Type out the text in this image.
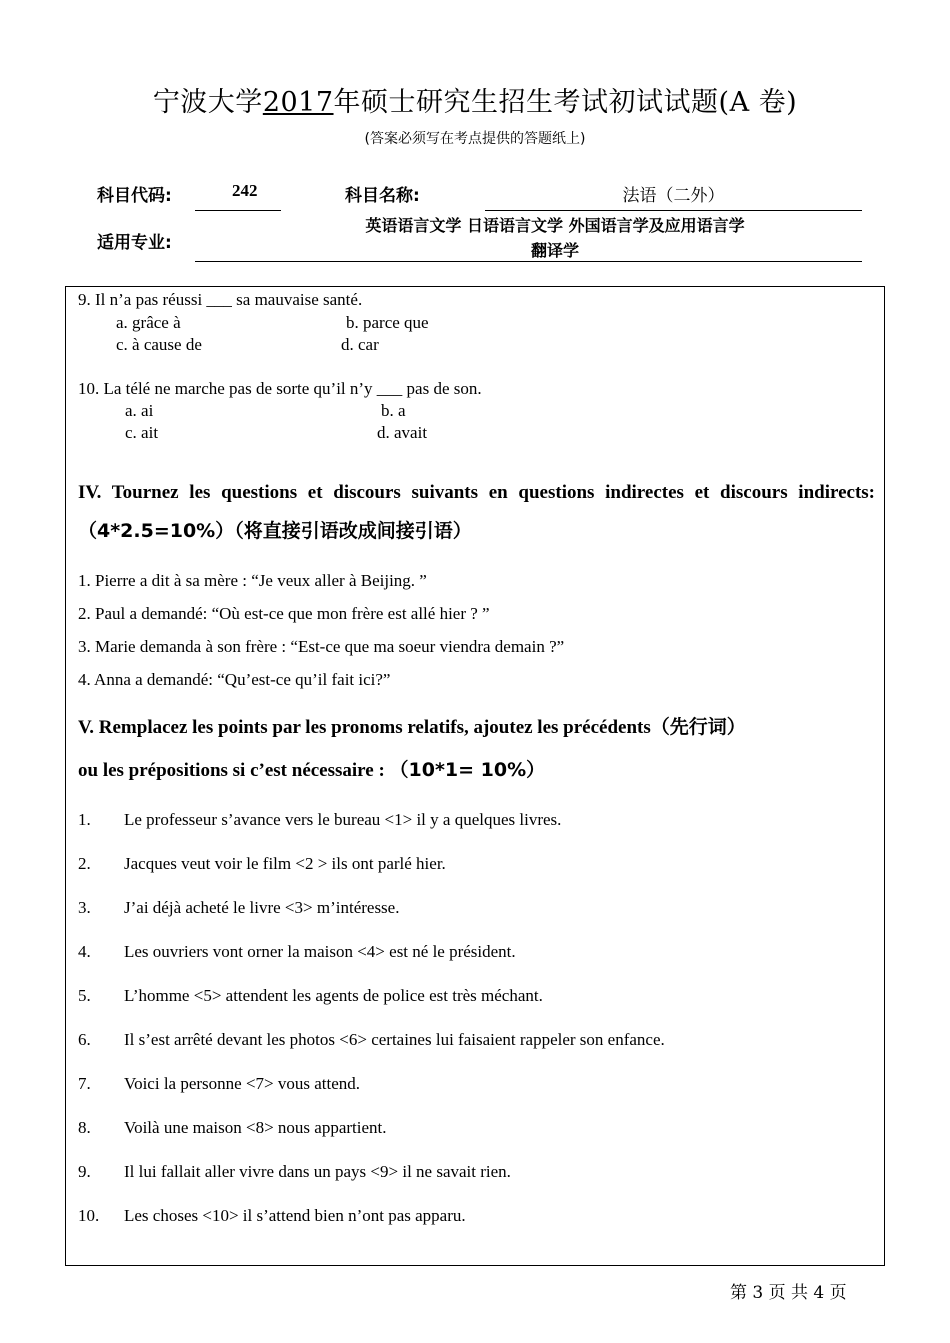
宁波大学2017年硕士研究生招生考试初试试题(A 卷)
(答案必须写在考点提供的答题纸上)
科目代码:	242	科目名称:	法语（二外）
适用专业:
英语语言文学 日语语言文学 外国语言学及应用语言学
翻译学
9. Il n’a pas réussi ___ sa mauvaise santé.
a. grâce à	b. parce que
c. à cause de	d. car
10. La télé ne marche pas de sorte qu’il n’y ___ pas de son.
a. ai	b. a
c. ait	d. avait
IV. Tournez les questions et discours suivants en questions indirectes et discours indirects:（4*2.5=10%）（将直接引语改成间接引语）
1. Pierre a dit à sa mère : “Je veux aller à Beijing. ”
2. Paul a demandé: “Où est-ce que mon frère est allé hier ? ”
3. Marie demanda à son frère : “Est-ce que ma soeur viendra demain ?”
4. Anna a demandé: “Qu’est-ce qu’il fait ici?”
V. Remplacez les points par les pronoms relatifs, ajoutez les précédents（先行词）
ou les prépositions si c’est nécessaire : （10*1= 10%）
1. Le professeur s’avance vers le bureau <1> il y a quelques livres.
2. Jacques veut voir le film <2 > ils ont parlé hier.
3. J’ai déjà acheté le livre <3> m’intéresse.
4. Les ouvriers vont orner la maison <4> est né le président.
5. L’homme <5> attendent les agents de police est très méchant.
6. Il s’est arrêté devant les photos <6> certaines lui faisaient rappeler son enfance.
7. Voici la personne <7> vous attend.
8. Voilà une maison <8> nous appartient.
9. Il lui fallait aller vivre dans un pays <9> il ne savait rien.
10. Les choses <10> il s’attend bien n’ont pas apparu.
第 3 页 共 4 页
